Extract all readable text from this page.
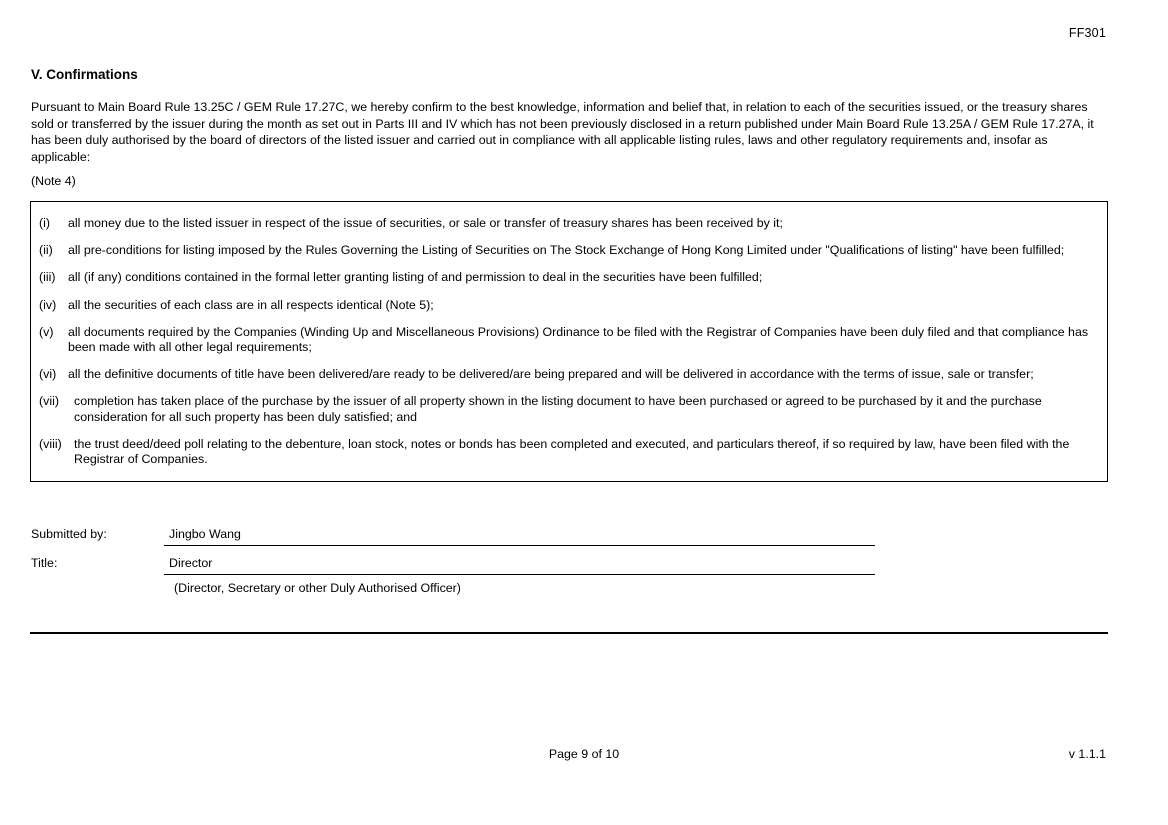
FF301
V. Confirmations
Pursuant to Main Board Rule 13.25C / GEM Rule 17.27C, we hereby confirm to the best knowledge, information and belief that, in relation to each of the securities issued, or the treasury shares sold or transferred by the issuer during the month as set out in Parts III and IV which has not been previously disclosed in a return published under Main Board Rule 13.25A / GEM Rule 17.27A, it has been duly authorised by the board of directors of the listed issuer and carried out in compliance with all applicable listing rules, laws and other regulatory requirements and, insofar as applicable:
(Note 4)
(i)	all money due to the listed issuer in respect of the issue of securities, or sale or transfer of treasury shares has been received by it;
(ii)	all pre-conditions for listing imposed by the Rules Governing the Listing of Securities on The Stock Exchange of Hong Kong Limited under "Qualifications of listing" have been fulfilled;
(iii)	all (if any) conditions contained in the formal letter granting listing of and permission to deal in the securities have been fulfilled;
(iv) all the securities of each class are in all respects identical (Note 5);
(v)	all documents required by the Companies (Winding Up and Miscellaneous Provisions) Ordinance to be filed with the Registrar of Companies have been duly filed and that compliance has been made with all other legal requirements;
(vi) all the definitive documents of title have been delivered/are ready to be delivered/are being prepared and will be delivered in accordance with the terms of issue, sale or transfer;
(vii)	completion has taken place of the purchase by the issuer of all property shown in the listing document to have been purchased or agreed to be purchased by it and the purchase consideration for all such property has been duly satisfied; and
(viii) the trust deed/deed poll relating to the debenture, loan stock, notes or bonds has been completed and executed, and particulars thereof, if so required by law, have been filed with the Registrar of Companies.
Submitted by:	Jingbo Wang
Title:	Director
(Director, Secretary or other Duly Authorised Officer)
Page 9 of 10	v 1.1.1
